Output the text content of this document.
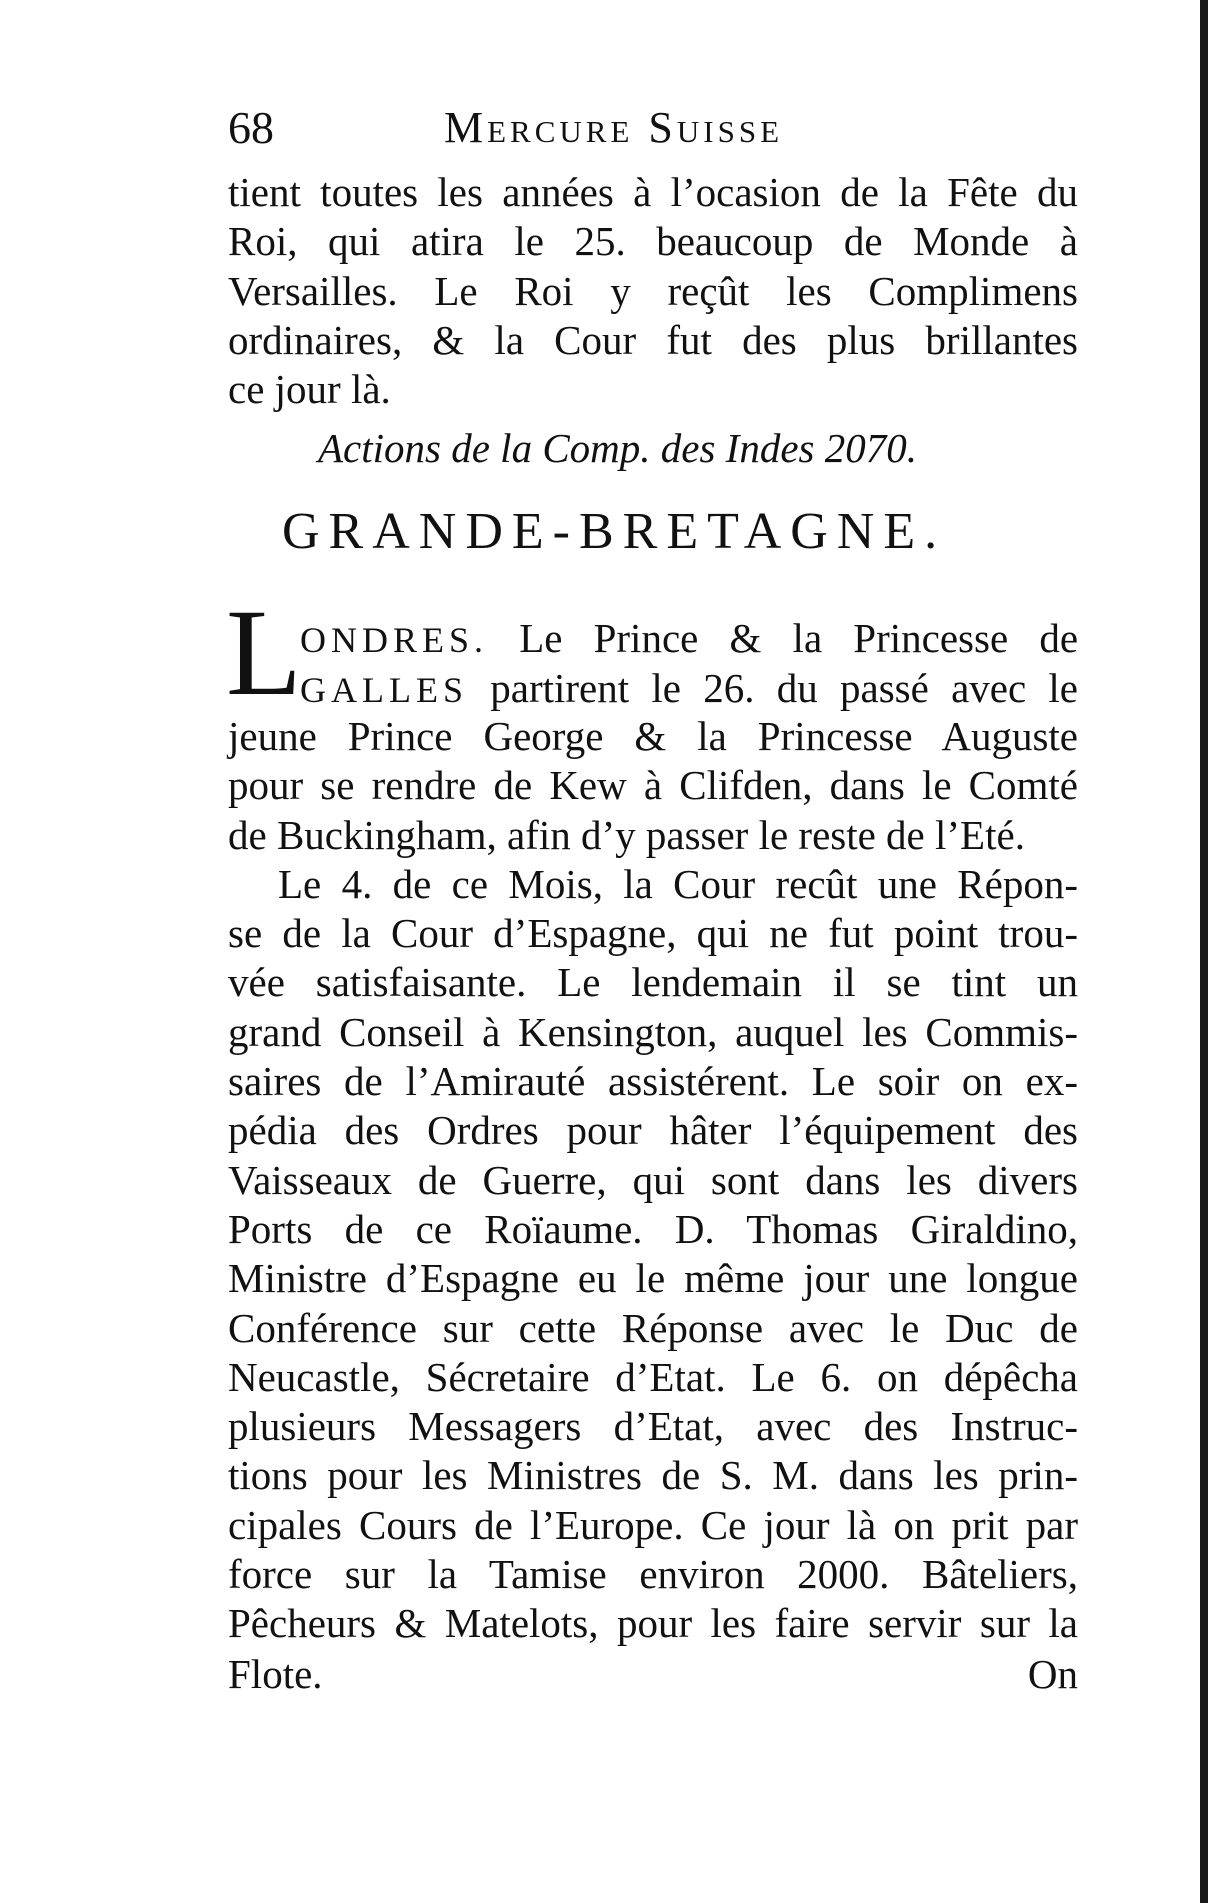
68	Mercure Suisse
tient toutes les années à l’ocasion de la Fête du
Roi, qui atira le 25. beaucoup de Monde à
Versailles. Le Roi y reçût les Complimens
ordinaires, & la Cour fut des plus brillantes
ce jour là.
Actions de la Comp. des Indes 2070.
GRANDE-BRETAGNE.
L
ONDRES. Le Prince & la Princesse de
GALLES partirent le 26. du passé avec le
jeune Prince George & la Princesse Auguste
pour se rendre de Kew à Clifden, dans le Comté
de Buckingham, afin d’y passer le reste de l’Eté.
Le 4. de ce Mois, la Cour recût une Répon-
se de la Cour d’Espagne, qui ne fut point trou-
vée satisfaisante. Le lendemain il se tint un
grand Conseil à Kensington, auquel les Commis-
saires de l’Amirauté assistérent. Le soir on ex-
pédia des Ordres pour hâter l’équipement des
Vaisseaux de Guerre, qui sont dans les divers
Ports de ce Roïaume. D. Thomas Giraldino,
Ministre d’Espagne eu le même jour une longue
Conférence sur cette Réponse avec le Duc de
Neucastle, Sécretaire d’Etat. Le 6. on dépêcha
plusieurs Messagers d’Etat, avec des Instruc-
tions pour les Ministres de S. M. dans les prin-
cipales Cours de l’Europe. Ce jour là on prit par
force sur la Tamise environ 2000. Bâteliers,
Pêcheurs & Matelots, pour les faire servir sur la
Flote.	On
